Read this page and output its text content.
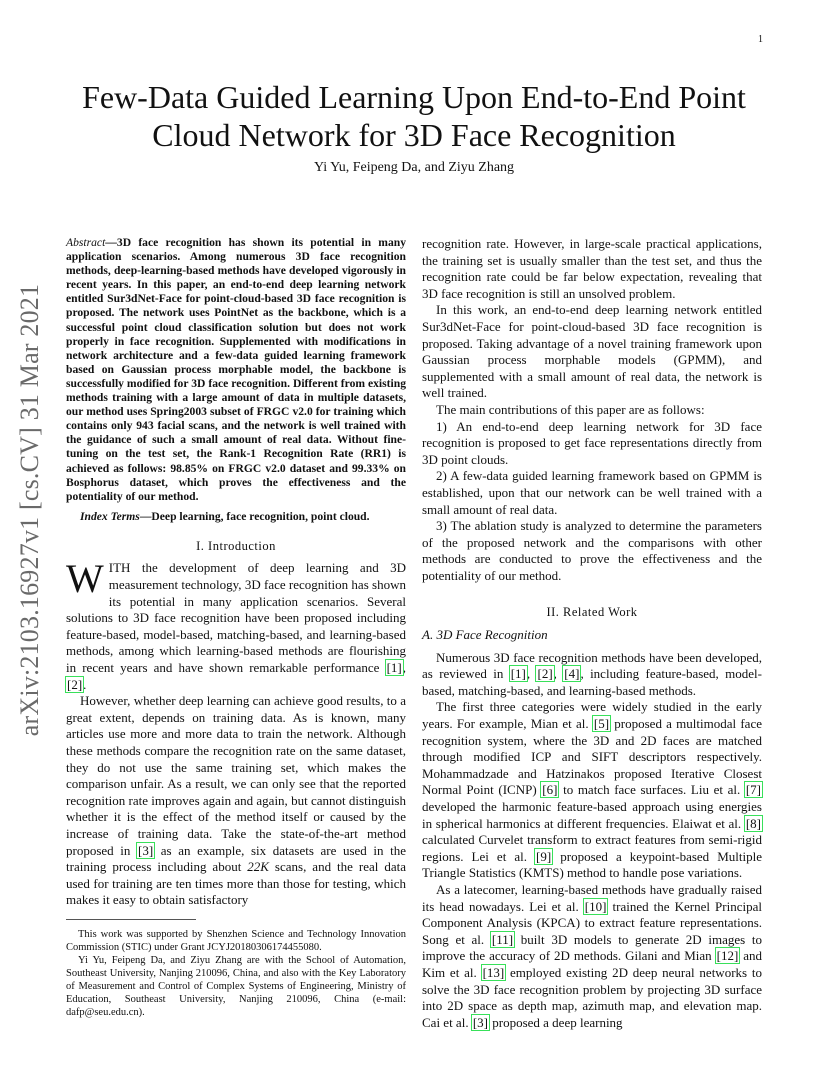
1
Few-Data Guided Learning Upon End-to-End Point Cloud Network for 3D Face Recognition
Yi Yu, Feipeng Da, and Ziyu Zhang
arXiv:2103.16927v1 [cs.CV] 31 Mar 2021
Abstract—3D face recognition has shown its potential in many application scenarios. Among numerous 3D face recognition methods, deep-learning-based methods have developed vigorously in recent years. In this paper, an end-to-end deep learning network entitled Sur3dNet-Face for point-cloud-based 3D face recognition is proposed. The network uses PointNet as the backbone, which is a successful point cloud classification solution but does not work properly in face recognition. Supplemented with modifications in network architecture and a few-data guided learning framework based on Gaussian process morphable model, the backbone is successfully modified for 3D face recognition. Different from existing methods training with a large amount of data in multiple datasets, our method uses Spring2003 subset of FRGC v2.0 for training which contains only 943 facial scans, and the network is well trained with the guidance of such a small amount of real data. Without fine-tuning on the test set, the Rank-1 Recognition Rate (RR1) is achieved as follows: 98.85% on FRGC v2.0 dataset and 99.33% on Bosphorus dataset, which proves the effectiveness and the potentiality of our method.
Index Terms—Deep learning, face recognition, point cloud.
I. Introduction

WITH the development of deep learning and 3D measurement technology, 3D face recognition has shown its potential in many application scenarios. Several solutions to 3D face recognition have been proposed including feature-based, model-based, matching-based, and learning-based methods, among which learning-based methods are flourishing in recent years and have shown remarkable performance [1], [2].

However, whether deep learning can achieve good results, to a great extent, depends on training data. As is known, many articles use more and more data to train the network. Although these methods compare the recognition rate on the same dataset, they do not use the same training set, which makes the comparison unfair. As a result, we can only see that the reported recognition rate improves again and again, but cannot distinguish whether it is the effect of the method itself or caused by the increase of training data. Take the state-of-the-art method proposed in [3] as an example, six datasets are used in the training process including about 22K scans, and the real data used for training are ten times more than those for testing, which makes it easy to obtain satisfactory

This work was supported by Shenzhen Science and Technology Innovation Commission (STIC) under Grant JCYJ20180306174455080.

Yi Yu, Feipeng Da, and Ziyu Zhang are with the School of Automation, Southeast University, Nanjing 210096, China, and also with the Key Laboratory of Measurement and Control of Complex Systems of Engineering, Ministry of Education, Southeast University, Nanjing 210096, China (e-mail: dafp@seu.edu.cn).

recognition rate. However, in large-scale practical applications, the training set is usually smaller than the test set, and thus the recognition rate could be far below expectation, revealing that 3D face recognition is still an unsolved problem.

In this work, an end-to-end deep learning network entitled Sur3dNet-Face for point-cloud-based 3D face recognition is proposed. Taking advantage of a novel training framework upon Gaussian process morphable models (GPMM), and supplemented with a small amount of real data, the network is well trained.

The main contributions of this paper are as follows:

1) An end-to-end deep learning network for 3D face recognition is proposed to get face representations directly from 3D point clouds.

2) A few-data guided learning framework based on GPMM is established, upon that our network can be well trained with a small amount of real data.

3) The ablation study is analyzed to determine the parameters of the proposed network and the comparisons with other methods are conducted to prove the effectiveness and the potentiality of our method.

II. Related Work
A. 3D Face Recognition

Numerous 3D face recognition methods have been developed, as reviewed in [1], [2], [4], including feature-based, model-based, matching-based, and learning-based methods.

The first three categories were widely studied in the early years. For example, Mian et al. [5] proposed a multimodal face recognition system, where the 3D and 2D faces are matched through modified ICP and SIFT descriptors respectively. Mohammadzade and Hatzinakos proposed Iterative Closest Normal Point (ICNP) [6] to match face surfaces. Liu et al. [7] developed the harmonic feature-based approach using energies in spherical harmonics at different frequencies. Elaiwat et al. [8] calculated Curvelet transform to extract features from semi-rigid regions. Lei et al. [9] proposed a keypoint-based Multiple Triangle Statistics (KMTS) method to handle pose variations.

As a latecomer, learning-based methods have gradually raised its head nowadays. Lei et al. [10] trained the Kernel Principal Component Analysis (KPCA) to extract feature representations. Song et al. [11] built 3D models to generate 2D images to improve the accuracy of 2D methods. Gilani and Mian [12] and Kim et al. [13] employed existing 2D deep neural networks to solve the 3D face recognition problem by projecting 3D surface into 2D space as depth map, azimuth map, and elevation map. Cai et al. [3] proposed a deep learning
